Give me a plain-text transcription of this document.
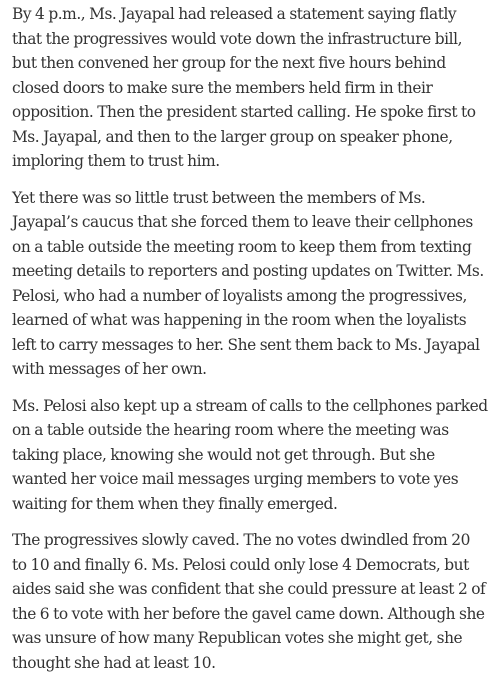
By 4 p.m., Ms. Jayapal had released a statement saying flatly that the progressives would vote down the infrastructure bill, but then convened her group for the next five hours behind closed doors to make sure the members held firm in their opposition. Then the president started calling. He spoke first to Ms. Jayapal, and then to the larger group on speaker phone, imploring them to trust him.

Yet there was so little trust between the members of Ms. Jayapal’s caucus that she forced them to leave their cellphones on a table outside the meeting room to keep them from texting meeting details to reporters and posting updates on Twitter. Ms. Pelosi, who had a number of loyalists among the progressives, learned of what was happening in the room when the loyalists left to carry messages to her. She sent them back to Ms. Jayapal with messages of her own.

Ms. Pelosi also kept up a stream of calls to the cellphones parked on a table outside the hearing room where the meeting was taking place, knowing she would not get through. But she wanted her voice mail messages urging members to vote yes waiting for them when they finally emerged.

The progressives slowly caved. The no votes dwindled from 20 to 10 and finally 6. Ms. Pelosi could only lose 4 Democrats, but aides said she was confident that she could pressure at least 2 of the 6 to vote with her before the gavel came down. Although she was unsure of how many Republican votes she might get, she thought she had at least 10.
